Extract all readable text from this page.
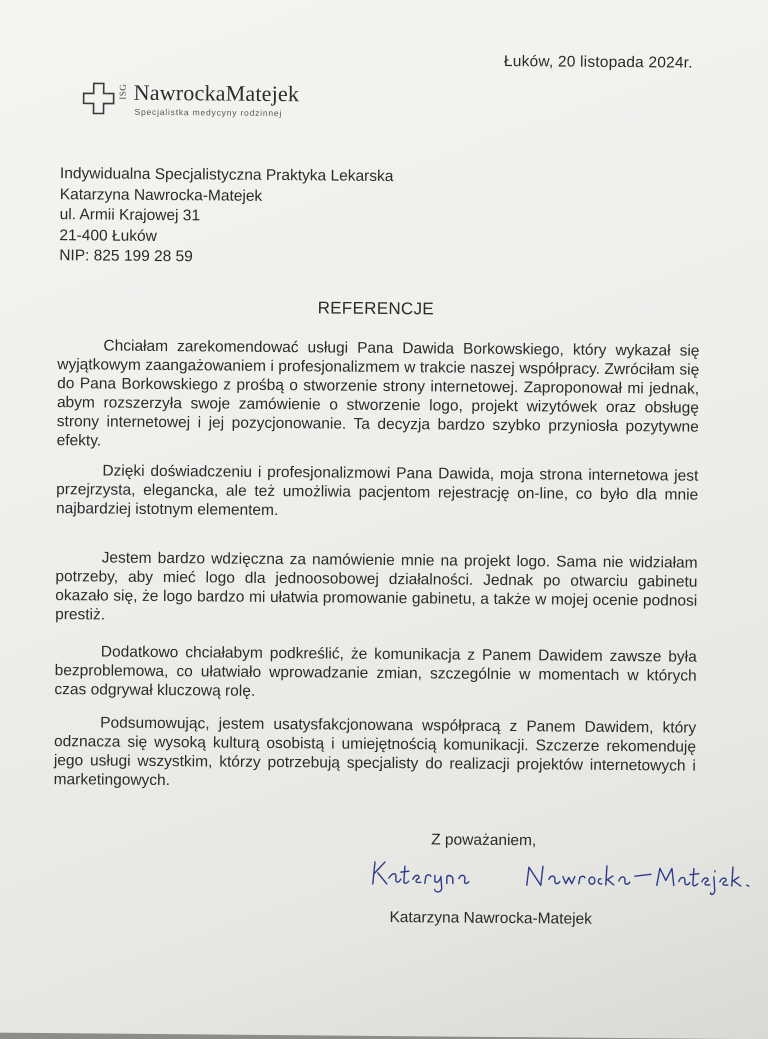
Łuków, 20 listopada 2024r.
ISG NawrockaMatejek
Specjalistka medycyny rodzinnej
Indywidualna Specjalistyczna Praktyka Lekarska
Katarzyna Nawrocka-Matejek
ul. Armii Krajowej 31
21-400 Łuków
NIP: 825 199 28 59
REFERENCJE
Chciałam zarekomendować usługi Pana Dawida Borkowskiego, który wykazał się wyjątkowym zaangażowaniem i profesjonalizmem w trakcie naszej współpracy. Zwróciłam się do Pana Borkowskiego z prośbą o stworzenie strony internetowej. Zaproponował mi jednak, abym rozszerzyła swoje zamówienie o stworzenie logo, projekt wizytówek oraz obsługę strony internetowej i jej pozycjonowanie. Ta decyzja bardzo szybko przyniosła pozytywne efekty.
Dzięki doświadczeniu i profesjonalizmowi Pana Dawida, moja strona internetowa jest przejrzysta, elegancka, ale też umożliwia pacjentom rejestrację on-line, co było dla mnie najbardziej istotnym elementem.
Jestem bardzo wdzięczna za namówienie mnie na projekt logo. Sama nie widziałam potrzeby, aby mieć logo dla jednoosobowej działalności. Jednak po otwarciu gabinetu okazało się, że logo bardzo mi ułatwia promowanie gabinetu, a także w mojej ocenie podnosi prestiż.
Dodatkowo chciałabym podkreślić, że komunikacja z Panem Dawidem zawsze była bezproblemowa, co ułatwiało wprowadzanie zmian, szczególnie w momentach w których czas odgrywał kluczową rolę.
Podsumowując, jestem usatysfakcjonowana współpracą z Panem Dawidem, który odznacza się wysoką kulturą osobistą i umiejętnością komunikacji. Szczerze rekomenduję jego usługi wszystkim, którzy potrzebują specjalisty do realizacji projektów internetowych i marketingowych.
Z poważaniem,
Katarzyna Nawrocka-Matejek
